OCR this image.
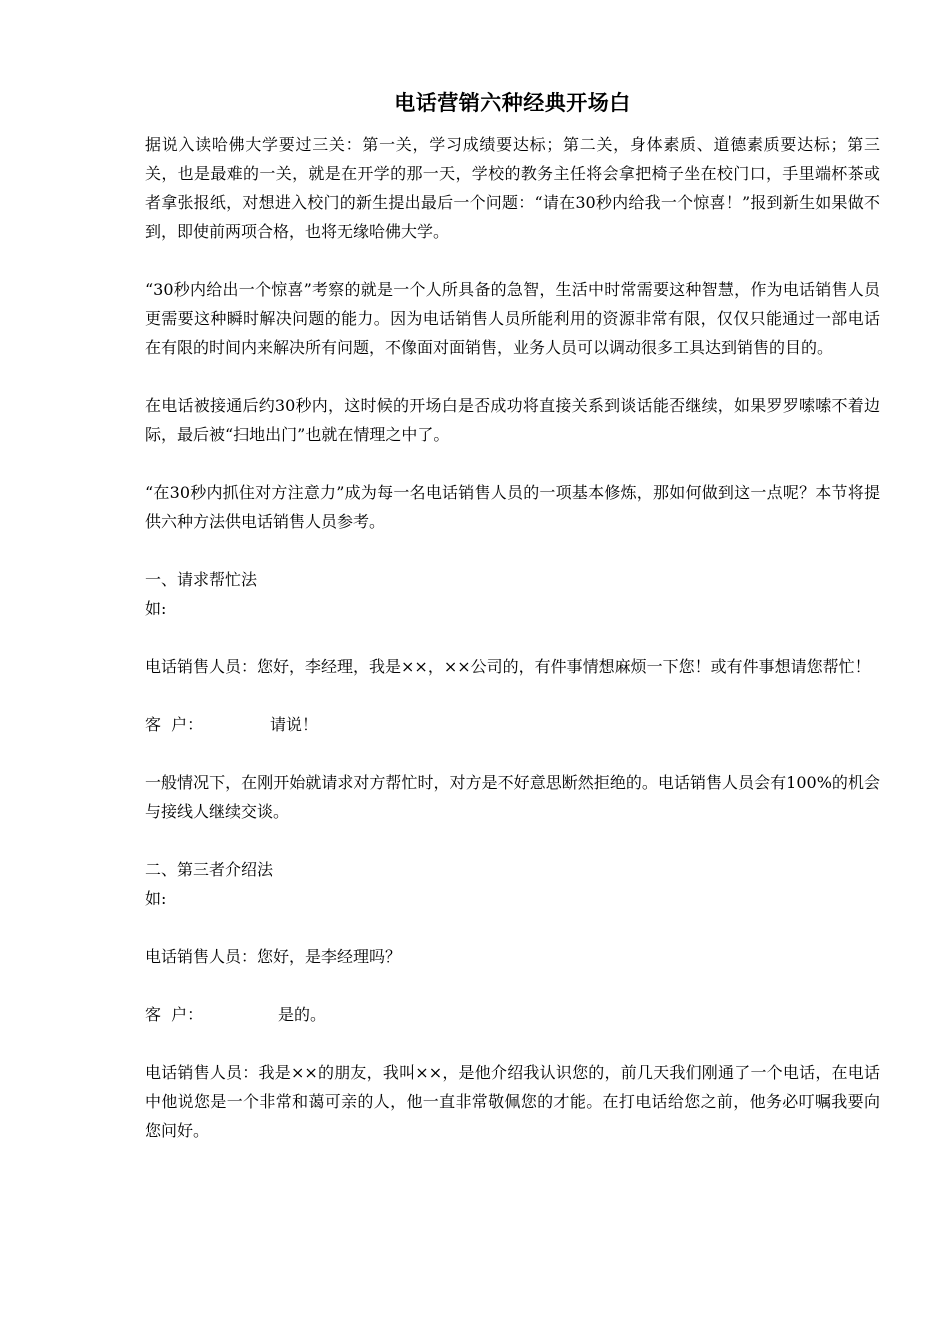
电话营销六种经典开场白

据说入读哈佛大学要过三关：第一关，学习成绩要达标；第二关，身体素质、道德素质要达标；第三关，也是最难的一关，就是在开学的那一天，学校的教务主任将会拿把椅子坐在校门口，手里端杯茶或者拿张报纸，对想进入校门的新生提出最后一个问题：“请在30秒内给我一个惊喜！”报到新生如果做不到，即使前两项合格，也将无缘哈佛大学。

“30秒内给出一个惊喜”考察的就是一个人所具备的急智，生活中时常需要这种智慧，作为电话销售人员更需要这种瞬时解决问题的能力。因为电话销售人员所能利用的资源非常有限，仅仅只能通过一部电话在有限的时间内来解决所有问题，不像面对面销售，业务人员可以调动很多工具达到销售的目的。

在电话被接通后约30秒内，这时候的开场白是否成功将直接关系到谈话能否继续，如果罗罗嗦嗦不着边际，最后被“扫地出门”也就在情理之中了。

“在30秒内抓住对方注意力”成为每一名电话销售人员的一项基本修炼，那如何做到这一点呢？本节将提供六种方法供电话销售人员参考。

一、请求帮忙法

如:

电话销售人员：您好，李经理，我是××，××公司的，有件事情想麻烦一下您！或有件事想请您帮忙！

客  户：	请说！

一般情况下，在刚开始就请求对方帮忙时，对方是不好意思断然拒绝的。电话销售人员会有100%的机会与接线人继续交谈。

二、第三者介绍法

如:

电话销售人员：您好，是李经理吗？

客  户：	是的。

电话销售人员：我是××的朋友，我叫××，是他介绍我认识您的，前几天我们刚通了一个电话，在电话中他说您是一个非常和蔼可亲的人，他一直非常敬佩您的才能。在打电话给您之前，他务必叮嘱我要向您问好。
